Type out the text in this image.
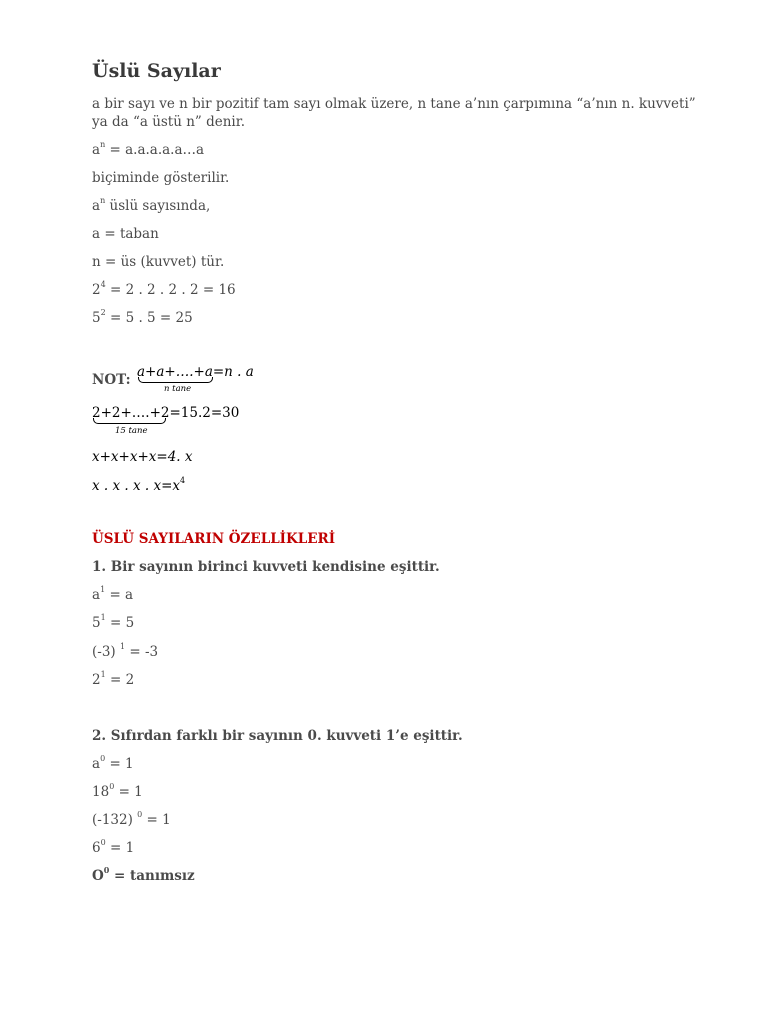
Üslü Sayılar
a bir sayı ve n bir pozitif tam sayı olmak üzere, n tane a’nın çarpımına “a’nın n. kuvveti”
ya da “a üstü n” denir.
$a^n$ = a.a.a.a.a…a
biçiminde gösterilir.
$a^n$ üslü sayısında,
a = taban
n = üs (kuvvet) tür.
$2^4 = 2$ . 2 . 2 . 2 = 16
$5^2 = 5$ . 5 = 25
NOT: a+a+….+a=n . a
n tane
2+2+….+2=15.2=30
15 tane
x+x+x+x=4. x
x . x . x . $x=x^4$
ÜSLÜ SAYILARIN ÖZELLİKLERİ
1. Bir sayının birinci kuvveti kendisine eşittir.
$a^1 = a$
$5^1 = 5$
(-3) $^1$ = -3
$2^1 = 2$
2. Sıfırdan farklı bir sayının 0. kuvveti 1’e eşittir.
$a^0 = 1$
$18^0 = 1$
(-132) $^0$ = 1
$6^0 = 1$
$O^0$ = tanımsız
